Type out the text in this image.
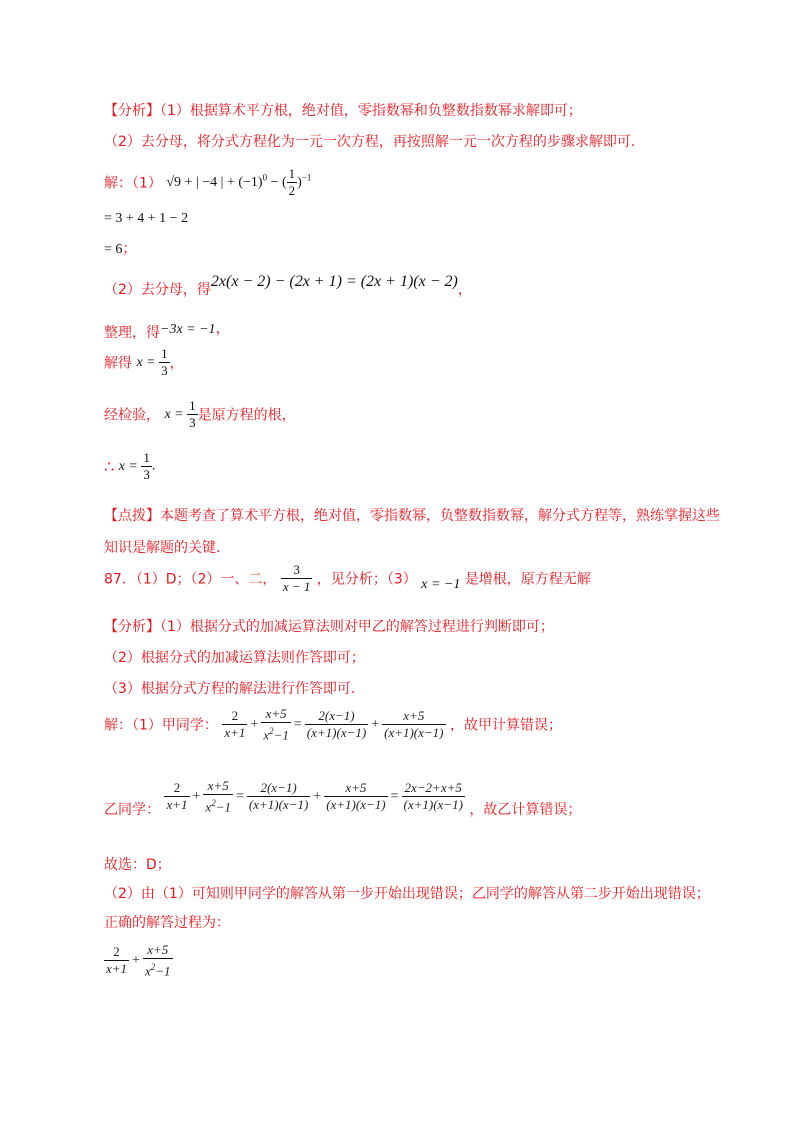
【分析】（1）根据算术平方根，绝对值，零指数幂和负整数指数幂求解即可；
（2）去分母，将分式方程化为一元一次方程，再按照解一元一次方程的步骤求解即可.
解：（1） √9 + | −4 | + $(-1)^0$ − ( $\frac{1}{2} )^{-1}$
= 3 + 4 + 1 − 2
= 6；
（2）去分母，得2x(x − 2) − (2x + 1) = (2x + 1)(x − 2)，
整理，得−3x = −1，
解得 $x = \frac{1}{3}$ ，
经检验， $x = \frac{1}{3}$ 是原方程的根，
∴ $x = \frac{1}{3}$ .
【点拨】本题考查了算术平方根，绝对值，零指数幂，负整数指数幂，解分式方程等，熟练掌握这些
知识是解题的关键.
87．（1）D；（2）一、二， $\frac{3}{x - 1}$ ，见分析；（3） x = −1 是增根，原方程无解
【分析】（1）根据分式的加减运算法则对甲乙的解答过程进行判断即可；
（2）根据分式的加减运算法则作答即可；
（3）根据分式方程的解法进行作答即可.
解：（1）甲同学： $\frac{2}{x+1} + \frac{x+5}{x^2-1} = \frac{2(x-1)}{(x+1)(x-1)} + \frac{x+5}{(x+1)(x-1)}$ ，故甲计算错误；
乙同学： $\frac{2}{x+1} + \frac{x+5}{x^2-1} = \frac{2(x-1)}{(x+1)(x-1)} + \frac{x+5}{(x+1)(x-1)} = \frac{2x-2+x+5}{(x+1)(x-1)}$ ，故乙计算错误；
故选：D；
（2）由（1）可知则甲同学的解答从第一步开始出现错误；乙同学的解答从第二步开始出现错误；
正确的解答过程为：
$\frac{2}{x+1} + \frac{x+5}{x^2-1}$
